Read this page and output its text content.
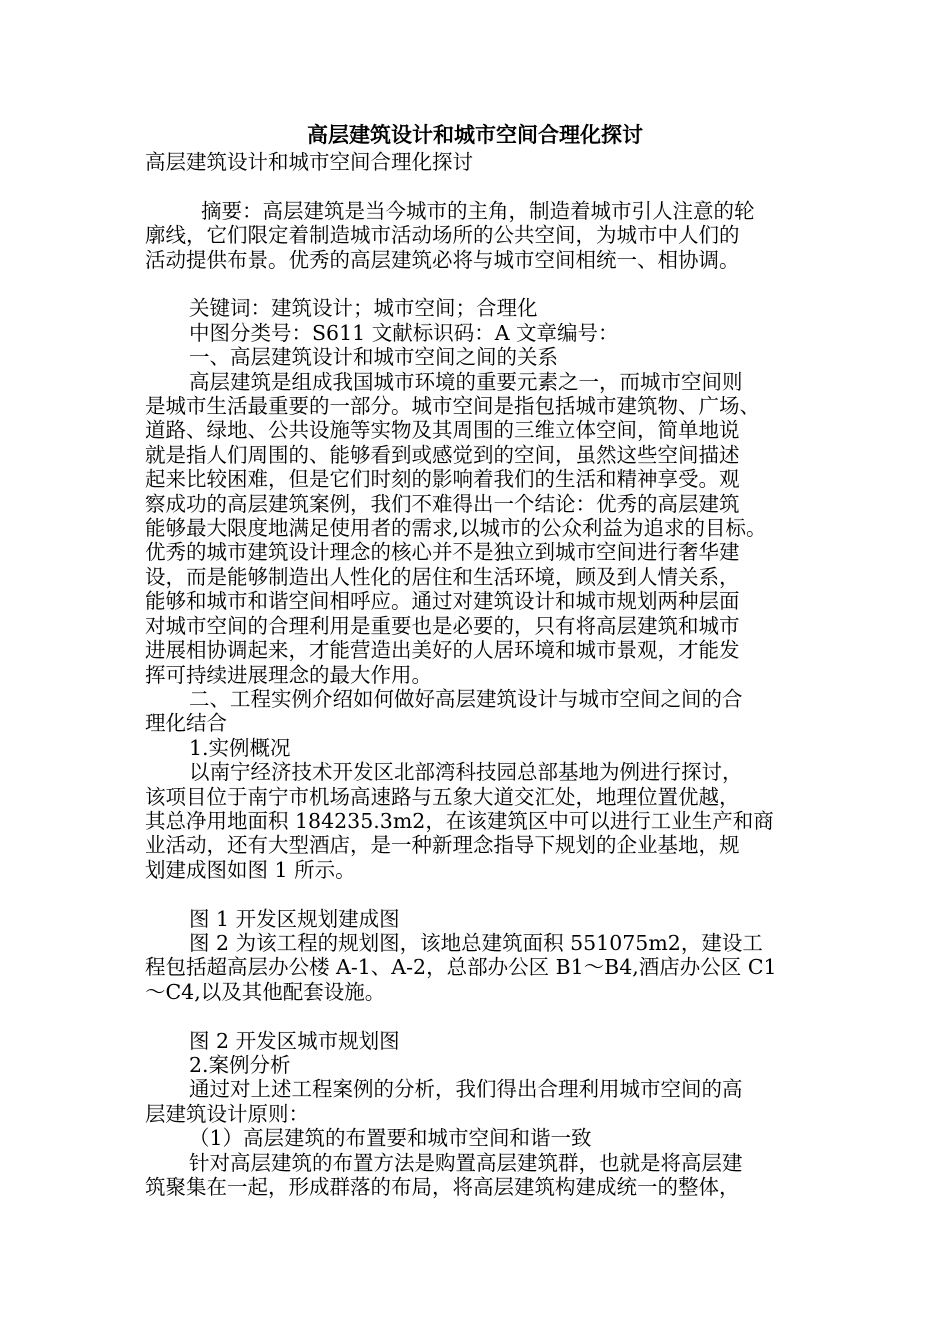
高层建筑设计和城市空间合理化探讨

高层建筑设计和城市空间合理化探讨

摘要：高层建筑是当今城市的主角，制造着城市引人注意的轮

廓线，它们限定着制造城市活动场所的公共空间，为城市中人们的

活动提供布景。优秀的高层建筑必将与城市空间相统一、相协调。

关键词：建筑设计；城市空间；合理化

中图分类号：S611 文献标识码：A 文章编号：

一、高层建筑设计和城市空间之间的关系

高层建筑是组成我国城市环境的重要元素之一，而城市空间则

是城市生活最重要的一部分。城市空间是指包括城市建筑物、广场、

道路、绿地、公共设施等实物及其周围的三维立体空间，简单地说

就是指人们周围的、能够看到或感觉到的空间，虽然这些空间描述

起来比较困难，但是它们时刻的影响着我们的生活和精神享受。观

察成功的高层建筑案例，我们不难得出一个结论：优秀的高层建筑

能够最大限度地满足使用者的需求,以城市的公众利益为追求的目标。

优秀的城市建筑设计理念的核心并不是独立到城市空间进行奢华建

设，而是能够制造出人性化的居住和生活环境，顾及到人情关系，

能够和城市和谐空间相呼应。通过对建筑设计和城市规划两种层面

对城市空间的合理利用是重要也是必要的，只有将高层建筑和城市

进展相协调起来，才能营造出美好的人居环境和城市景观，才能发

挥可持续进展理念的最大作用。

二、工程实例介绍如何做好高层建筑设计与城市空间之间的合

理化结合

1.实例概况

以南宁经济技术开发区北部湾科技园总部基地为例进行探讨，

该项目位于南宁市机场高速路与五象大道交汇处，地理位置优越，

其总净用地面积 184235.3m2，在该建筑区中可以进行工业生产和商

业活动，还有大型酒店，是一种新理念指导下规划的企业基地，规

划建成图如图 1 所示。

图 1 开发区规划建成图

图 2 为该工程的规划图，该地总建筑面积 551075m2，建设工

程包括超高层办公楼 A-1、A-2，总部办公区 B1～B4,酒店办公区 C1

～C4,以及其他配套设施。

图 2 开发区城市规划图

2.案例分析

通过对上述工程案例的分析，我们得出合理利用城市空间的高

层建筑设计原则：

（1）高层建筑的布置要和城市空间和谐一致

针对高层建筑的布置方法是购置高层建筑群，也就是将高层建

筑聚集在一起，形成群落的布局，将高层建筑构建成统一的整体，
